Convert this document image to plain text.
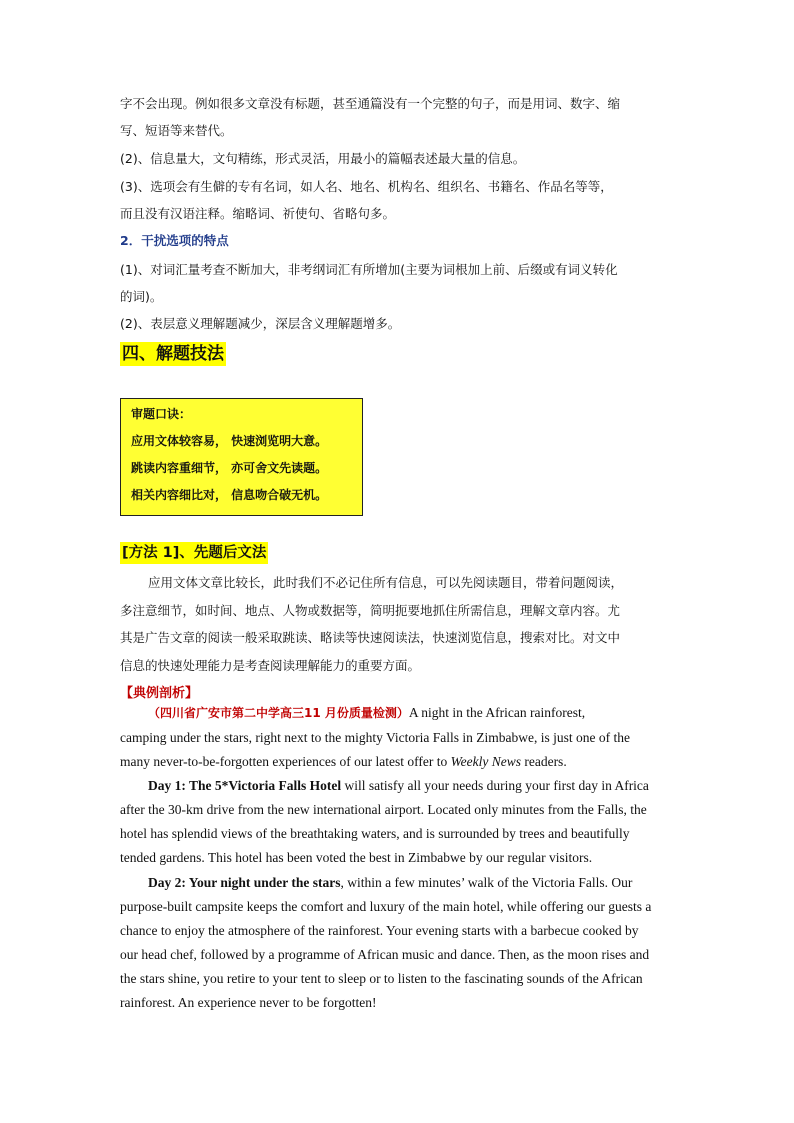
字不会出现。例如很多文章没有标题，甚至通篇没有一个完整的句子，而是用词、数字、缩
写、短语等来替代。
(2)、信息量大，文句精练，形式灵活，用最小的篇幅表述最大量的信息。
(3)、选项会有生僻的专有名词，如人名、地名、机构名、组织名、书籍名、作品名等等，
而且没有汉语注释。缩略词、祈使句、省略句多。
2．干扰选项的特点
(1)、对词汇量考查不断加大，非考纲词汇有所增加(主要为词根加上前、后缀或有词义转化
的词)。
(2)、表层意义理解题减少，深层含义理解题增多。
四、解题技法
审题口诀：
应用文体较容易， 快速浏览明大意。
跳读内容重细节， 亦可舍文先读题。
相关内容细比对， 信息吻合破无机。
[方法 1]、先题后文法
应用文体文章比较长，此时我们不必记住所有信息，可以先阅读题目，带着问题阅读，
多注意细节，如时间、地点、人物或数据等，简明扼要地抓住所需信息，理解文章内容。尤
其是广告文章的阅读一般采取跳读、略读等快速阅读法，快速浏览信息，搜索对比。对文中
信息的快速处理能力是考查阅读理解能力的重要方面。
【典例剖析】
（四川省广安市第二中学高三11 月份质量检测）A night in the African rainforest,
camping under the stars, right next to the mighty Victoria Falls in Zimbabwe, is just one of the
many never-to-be-forgotten experiences of our latest offer to Weekly News readers.
Day 1: The 5*Victoria Falls Hotel will satisfy all your needs during your first day in Africa
after the 30-km drive from the new international airport. Located only minutes from the Falls, the
hotel has splendid views of the breathtaking waters, and is surrounded by trees and beautifully
tended gardens. This hotel has been voted the best in Zimbabwe by our regular visitors.
Day 2: Your night under the stars, within a few minutes’ walk of the Victoria Falls. Our
purpose-built campsite keeps the comfort and luxury of the main hotel, while offering our guests a
chance to enjoy the atmosphere of the rainforest. Your evening starts with a barbecue cooked by
our head chef, followed by a programme of African music and dance. Then, as the moon rises and
the stars shine, you retire to your tent to sleep or to listen to the fascinating sounds of the African
rainforest. An experience never to be forgotten!
